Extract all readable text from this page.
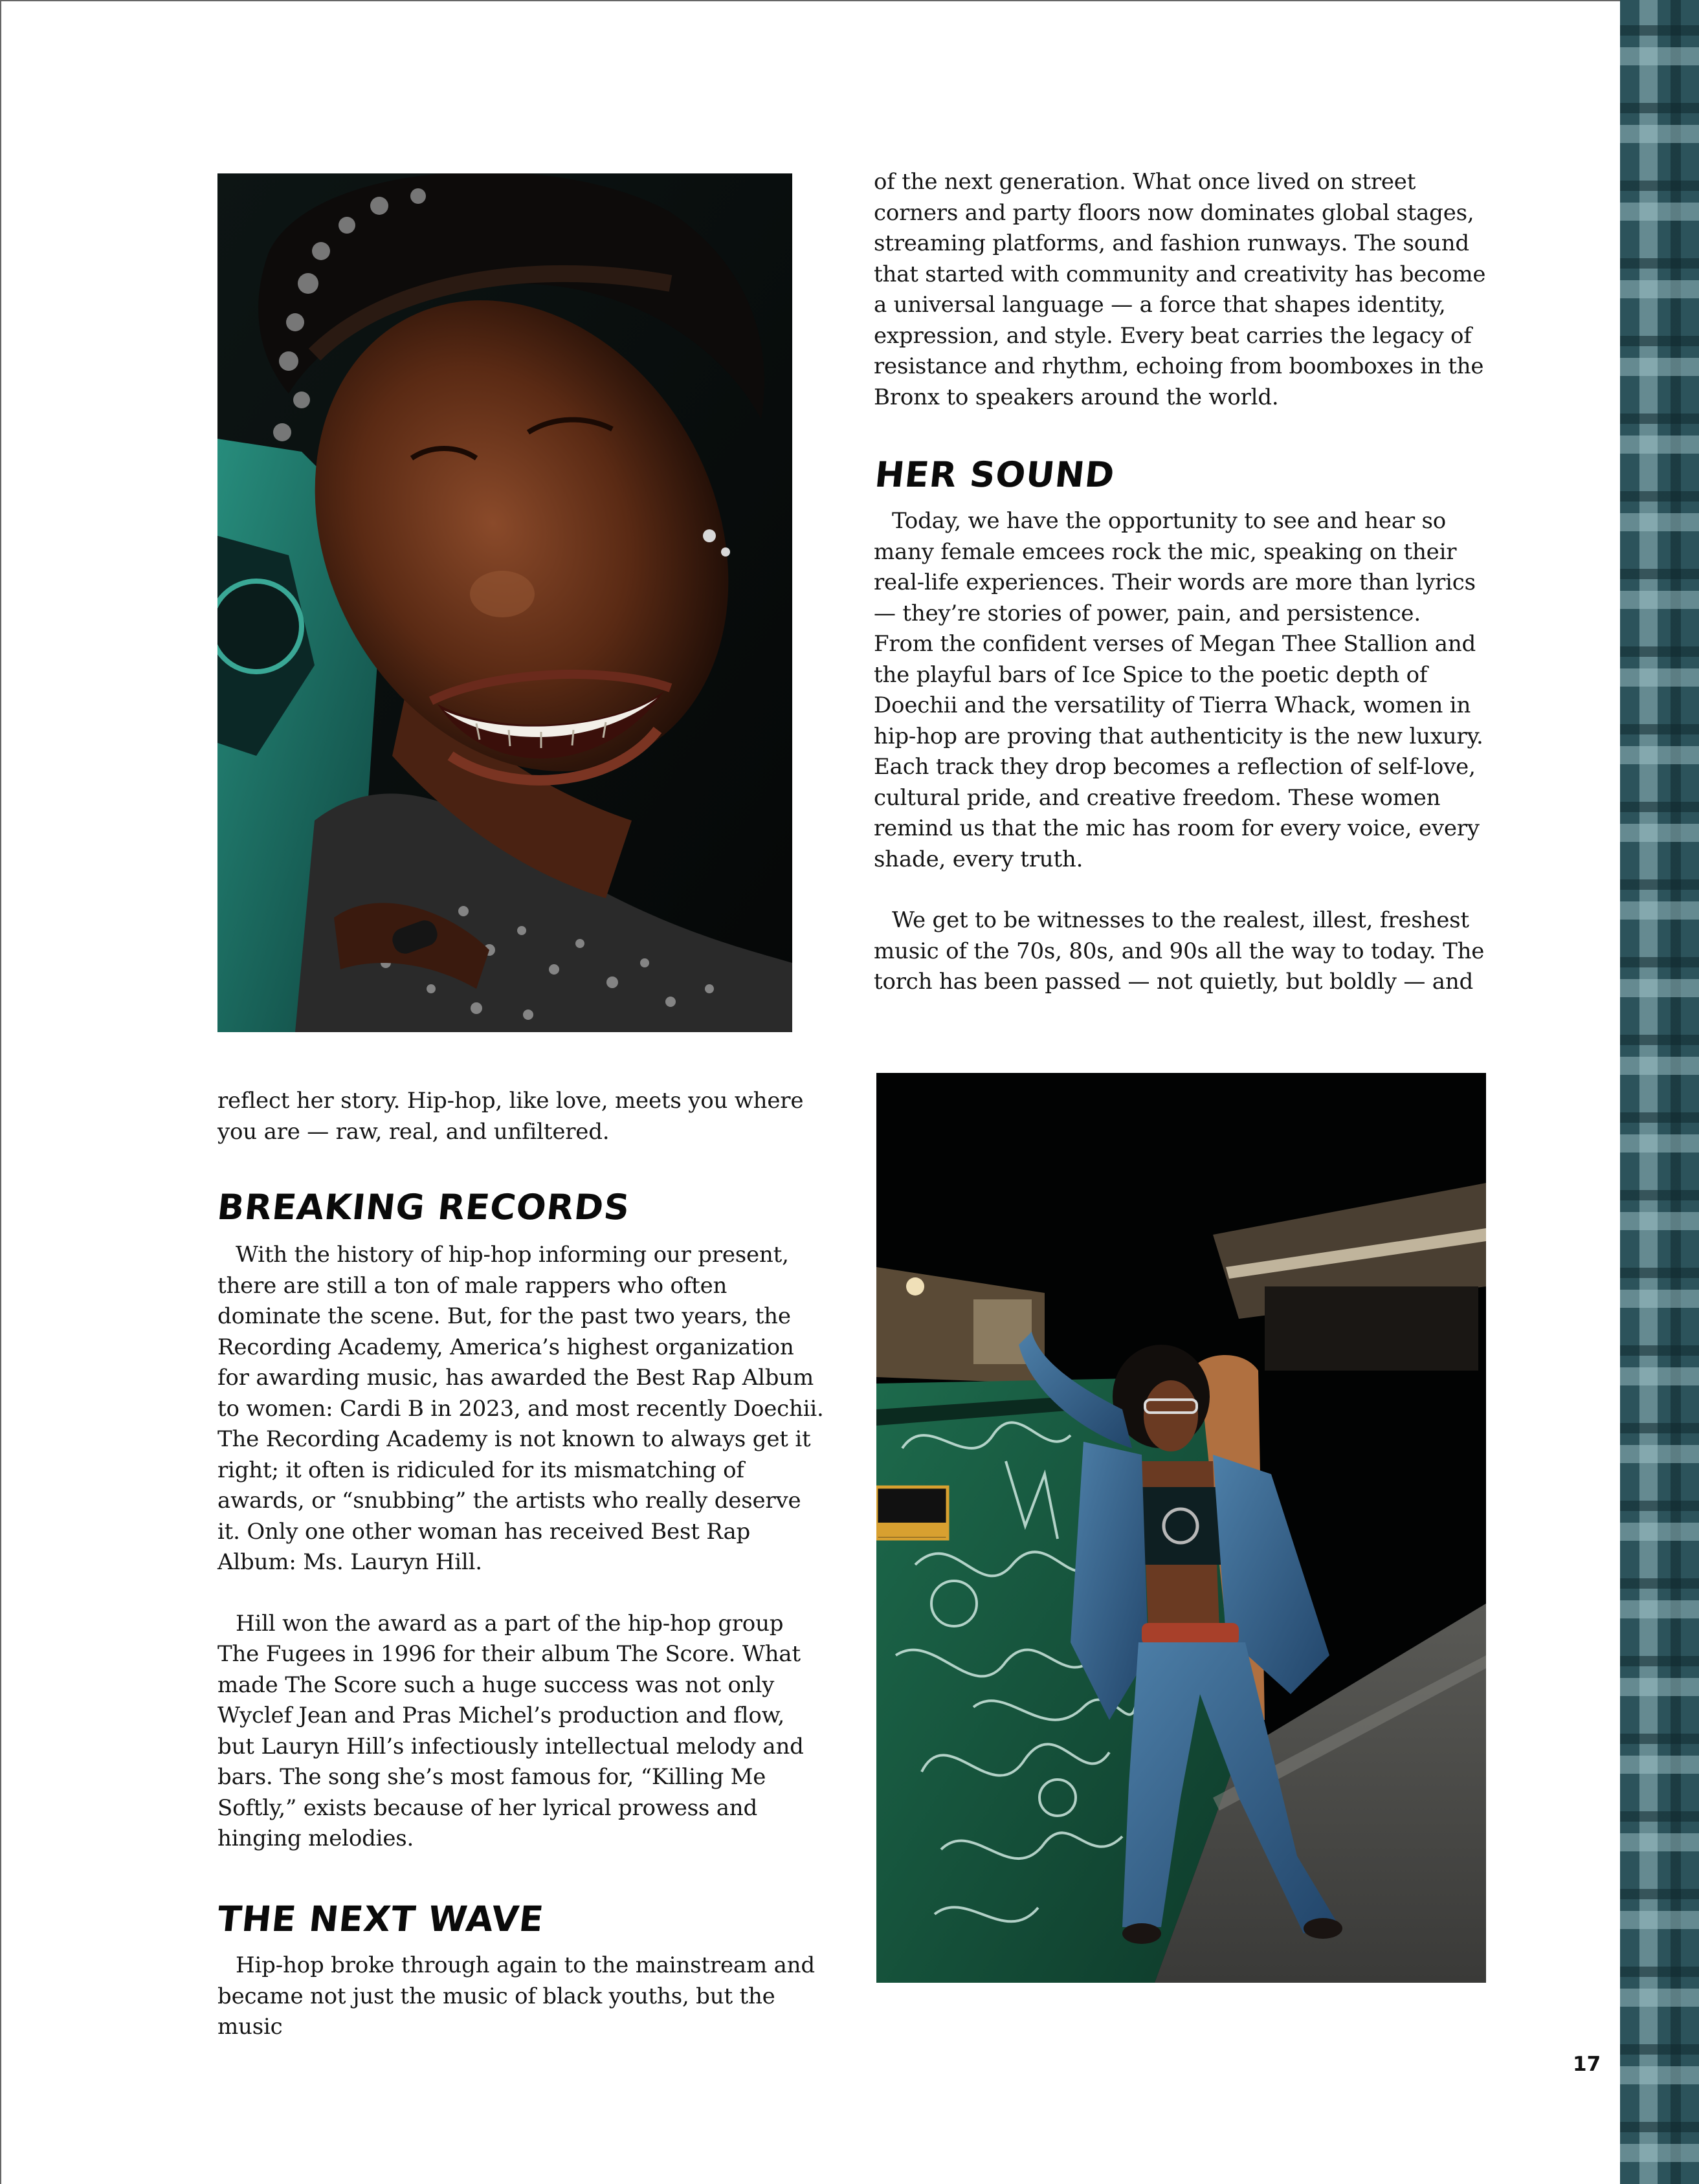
of the next generation. What once lived on street corners and party floors now dominates global stages, streaming platforms, and fashion runways. The sound that started with community and creativity has become a universal language — a force that shapes identity, expression, and style. Every beat carries the legacy of resistance and rhythm, echoing from boomboxes in the Bronx to speakers around the world.

HER SOUND

Today, we have the opportunity to see and hear so many female emcees rock the mic, speaking on their real-life experiences. Their words are more than lyrics — they’re stories of power, pain, and persistence. From the confident verses of Megan Thee Stallion and the playful bars of Ice Spice to the poetic depth of Doechii and the versatility of Tierra Whack, women in hip-hop are proving that authenticity is the new luxury. Each track they drop becomes a reflection of self-love, cultural pride, and creative freedom. These women remind us that the mic has room for every voice, every shade, every truth.

We get to be witnesses to the realest, illest, freshest music of the 70s, 80s, and 90s all the way to today. The torch has been passed — not quietly, but boldly — and

reflect her story. Hip-hop, like love, meets you where you are — raw, real, and unfiltered.

BREAKING RECORDS

With the history of hip-hop informing our present, there are still a ton of male rappers who often dominate the scene. But, for the past two years, the Recording Academy, America’s highest organization for awarding music, has awarded the Best Rap Album to women: Cardi B in 2023, and most recently Doechii. The Recording Academy is not known to always get it right; it often is ridiculed for its mismatching of awards, or “snubbing” the artists who really deserve it. Only one other woman has received Best Rap Album: Ms. Lauryn Hill.

Hill won the award as a part of the hip-hop group The Fugees in 1996 for their album The Score. What made The Score such a huge success was not only Wyclef Jean and Pras Michel’s production and flow, but Lauryn Hill’s infectiously intellectual melody and bars. The song she’s most famous for, “Killing Me Softly,” exists because of her lyrical prowess and hinging melodies.

THE NEXT WAVE

Hip-hop broke through again to the mainstream and became not just the music of black youths, but the music

17
